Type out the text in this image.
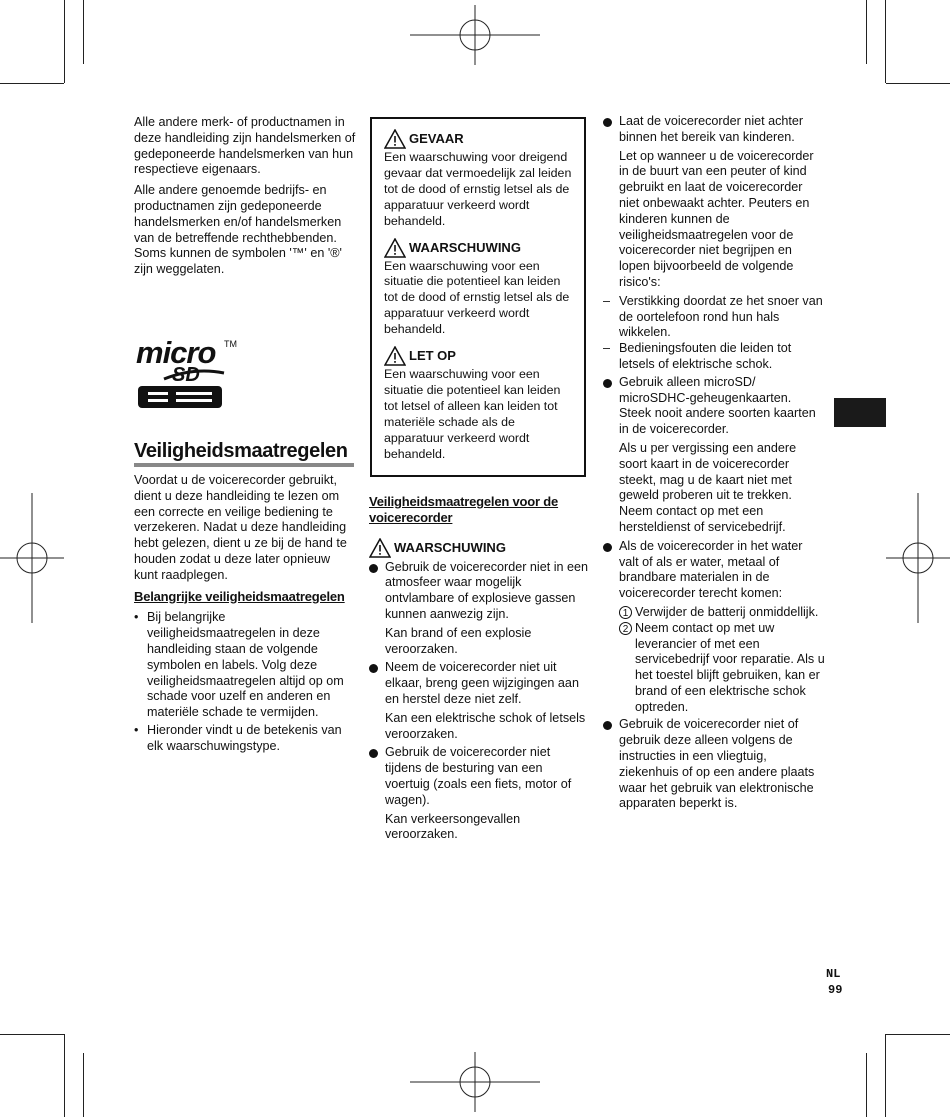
Alle andere merk- of productnamen in deze handleiding zijn handelsmerken of gedeponeerde handelsmerken van hun respectieve eigenaars.

Alle andere genoemde bedrijfs- en productnamen zijn gedeponeerde handelsmerken en/of handelsmerken van de betreffende rechthebbenden. Soms kunnen de symbolen '™' en '®' zijn weggelaten.

micro TM
SD
Veiligheidsmaatregelen

Voordat u de voicerecorder gebruikt, dient u deze handleiding te lezen om een correcte en veilige bediening te verzekeren. Nadat u deze handleiding hebt gelezen, dient u ze bij de hand te houden zodat u deze later opnieuw kunt raadplegen.

Belangrijke veiligheidsmaatregelen
• Bij belangrijke veiligheidsmaatregelen in deze handleiding staan de volgende symbolen en labels. Volg deze veiligheidsmaatregelen altijd op om schade voor uzelf en anderen en materiële schade te vermijden.
• Hieronder vindt u de betekenis van elk waarschuwingstype.
GEVAAR
Een waarschuwing voor dreigend gevaar dat vermoedelijk zal leiden tot de dood of ernstig letsel als de apparatuur verkeerd wordt behandeld.
WAARSCHUWING
Een waarschuwing voor een situatie die potentieel kan leiden tot de dood of ernstig letsel als de apparatuur verkeerd wordt behandeld.
LET OP
Een waarschuwing voor een situatie die potentieel kan leiden tot letsel of alleen kan leiden tot materiële schade als de apparatuur verkeerd wordt behandeld.
Veiligheidsmaatregelen voor de voicerecorder
WAARSCHUWING

Gebruik de voicerecorder niet in een atmosfeer waar mogelijk ontvlambare of explosieve gassen kunnen aanwezig zijn.

Kan brand of een explosie veroorzaken.

Neem de voicerecorder niet uit elkaar, breng geen wijzigingen aan en herstel deze niet zelf.

Kan een elektrische schok of letsels veroorzaken.

Gebruik de voicerecorder niet tijdens de besturing van een voertuig (zoals een fiets, motor of wagen).

Kan verkeersongevallen veroorzaken.

Laat de voicerecorder niet achter binnen het bereik van kinderen.

Let op wanneer u de voicerecorder in de buurt van een peuter of kind gebruikt en laat de voicerecorder niet onbewaakt achter. Peuters en kinderen kunnen de veiligheidsmaatregelen voor de voicerecorder niet begrijpen en lopen bijvoorbeeld de volgende risico's:

– Verstikking doordat ze het snoer van de oortelefoon rond hun hals wikkelen.
– Bedieningsfouten die leiden tot letsels of elektrische schok.

Gebruik alleen microSD/ microSDHC-geheugenkaarten. Steek nooit andere soorten kaarten in de voicerecorder.

Als u per vergissing een andere soort kaart in de voicerecorder steekt, mag u de kaart niet met geweld proberen uit te trekken. Neem contact op met een hersteldienst of servicebedrijf.

Als de voicerecorder in het water valt of als er water, metaal of brandbare materialen in de voicerecorder terecht komen:

1 Verwijder de batterij onmiddellijk.
2 Neem contact op met uw leverancier of met een servicebedrijf voor reparatie. Als u het toestel blijft gebruiken, kan er brand of een elektrische schok optreden.

Gebruik de voicerecorder niet of gebruik deze alleen volgens de instructies in een vliegtuig, ziekenhuis of op een andere plaats waar het gebruik van elektronische apparaten beperkt is.

NL
99
